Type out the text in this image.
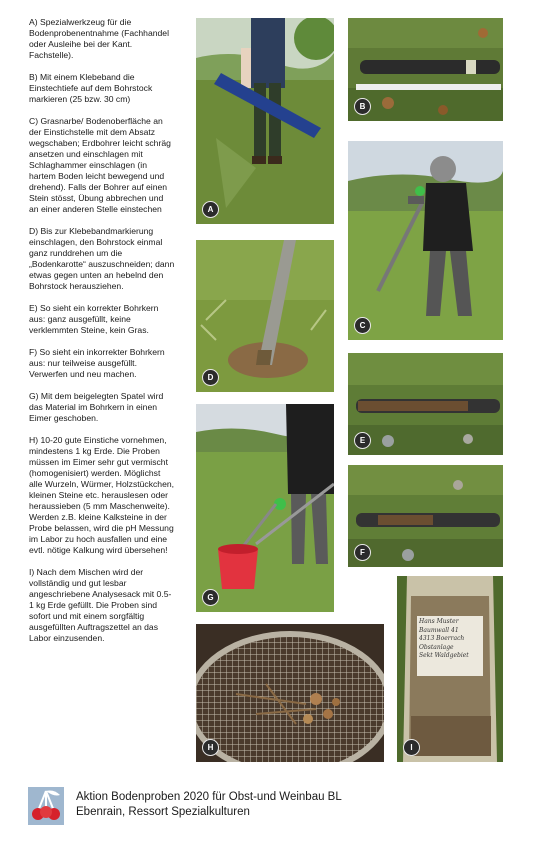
A) Spezialwerkzeug für die Bodenprobenentnahme (Fachhandel oder Ausleihe bei der Kant. Fachstelle).

B) Mit einem Klebeband die Einstechtiefe auf dem Bohrstock markieren (25 bzw. 30 cm)

C) Grasnarbe/ Bodenoberfläche an der Einstichstelle mit dem Absatz wegschaben; Erdbohrer leicht schräg ansetzen und einschlagen mit Schlaghammer einschlagen (in hartem Boden leicht bewegend und drehend). Falls der Bohrer auf einen Stein stösst, Übung abbrechen und an einer anderen Stelle einstechen

D) Bis zur Klebebandmarkierung einschlagen, den Bohrstock einmal ganz runddrehen um die „Bodenkarotte“ auszuschneiden; dann etwas gegen unten an hebelnd den Bohrstock herausziehen.

E) So sieht ein korrekter Bohrkern aus: ganz ausgefüllt, keine verklemmten Steine, kein Gras.

F) So sieht ein inkorrekter Bohrkern aus: nur teilweise ausgefüllt. Verwerfen und neu machen.

G) Mit dem beigelegten Spatel wird das Material im Bohrkern in einen Eimer geschoben.

H) 10-20 gute Einstiche vornehmen, mindestens 1 kg Erde. Die Proben müssen im Eimer sehr gut vermischt (homogenisiert) werden. Möglichst alle Wurzeln, Würmer, Holzstückchen, kleinen Steine etc. herauslesen oder heraussieben (5 mm Maschenweite). Werden z.B. kleine Kalksteine in der Probe belassen, wird die pH Messung im Labor zu hoch ausfallen und eine evtl. nötige Kalkung wird übersehen!

I) Nach dem Mischen wird der vollständig und gut lesbar angeschriebene Analysesack mit 0.5-1 kg Erde gefüllt. Die Proben sind sofort und mit einem sorgfältig ausgefüllten Auftragszettel an das Labor einzusenden.

A
B
C
D
E
F
G
H
Hans Muster
Baumwall 41
4313 Boerrach
Obstanlage
Sekt Waldgebiet
I
Aktion Bodenproben 2020 für Obst-und Weinbau BL
Ebenrain, Ressort Spezialkulturen
